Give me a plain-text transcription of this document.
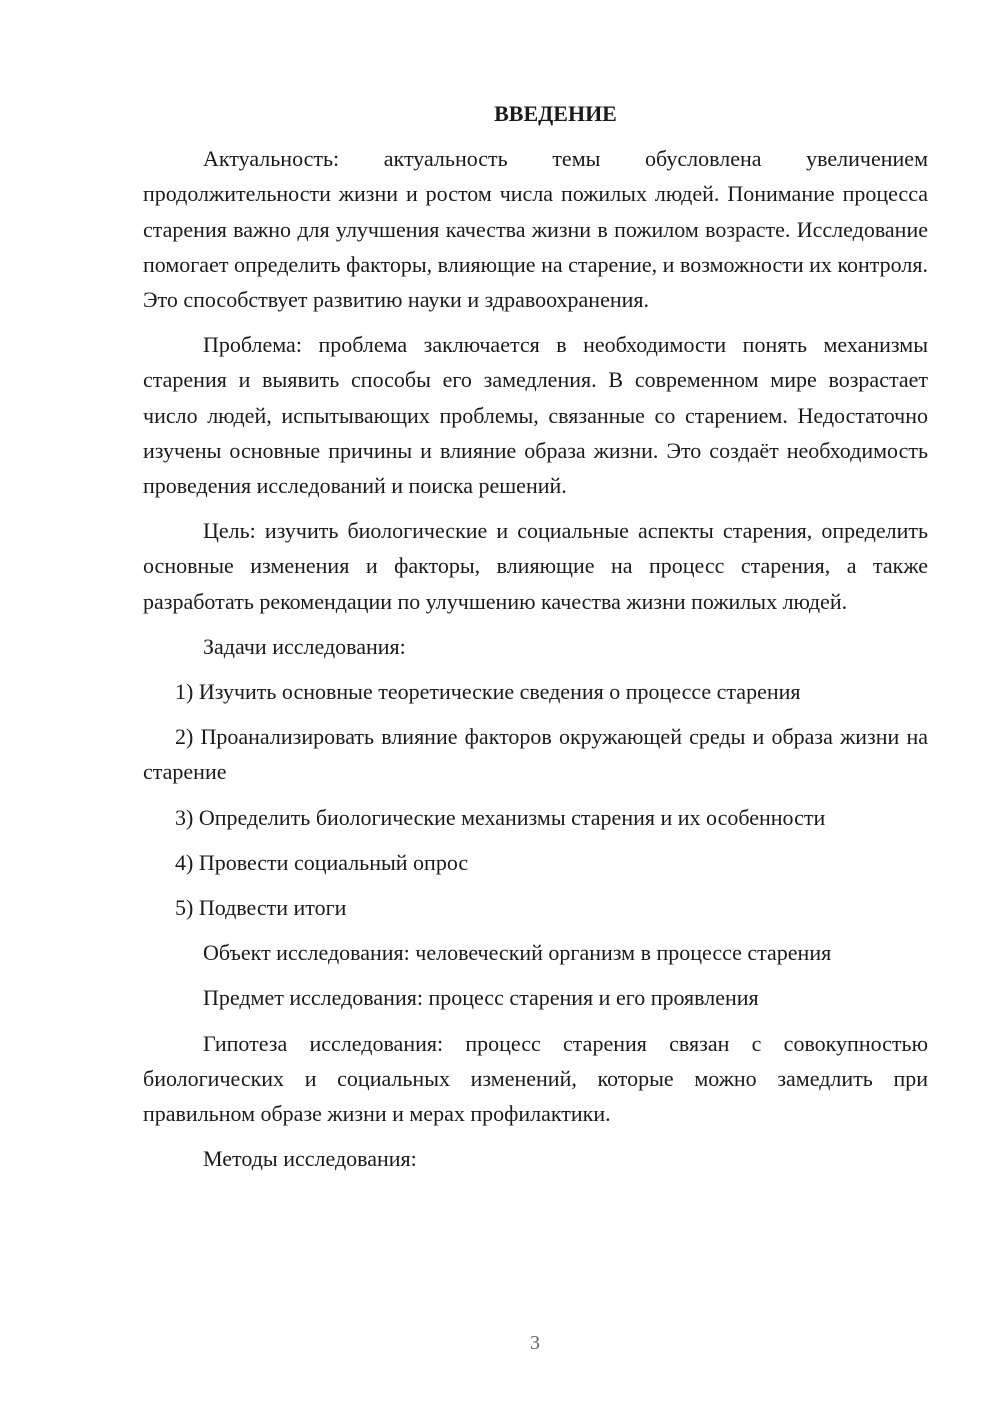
ВВЕДЕНИЕ

Актуальность: актуальность темы обусловлена увеличением продолжительности жизни и ростом числа пожилых людей. Понимание процесса старения важно для улучшения качества жизни в пожилом возрасте. Исследование помогает определить факторы, влияющие на старение, и возможности их контроля. Это способствует развитию науки и здравоохранения.

Проблема: проблема заключается в необходимости понять механизмы старения и выявить способы его замедления. В современном мире возрастает число людей, испытывающих проблемы, связанные со старением. Недостаточно изучены основные причины и влияние образа жизни. Это создаёт необходимость проведения исследований и поиска решений.

Цель: изучить биологические и социальные аспекты старения, определить основные изменения и факторы, влияющие на процесс старения, а также разработать рекомендации по улучшению качества жизни пожилых людей.

Задачи исследования:

1) Изучить основные теоретические сведения о процессе старения

2) Проанализировать влияние факторов окружающей среды и образа жизни на старение

3) Определить биологические механизмы старения и их особенности

4) Провести социальный опрос

5) Подвести итоги

Объект исследования: человеческий организм в процессе старения

Предмет исследования: процесс старения и его проявления

Гипотеза исследования: процесс старения связан с совокупностью биологических и социальных изменений, которые можно замедлить при правильном образе жизни и мерах профилактики.

Методы исследования:

3
